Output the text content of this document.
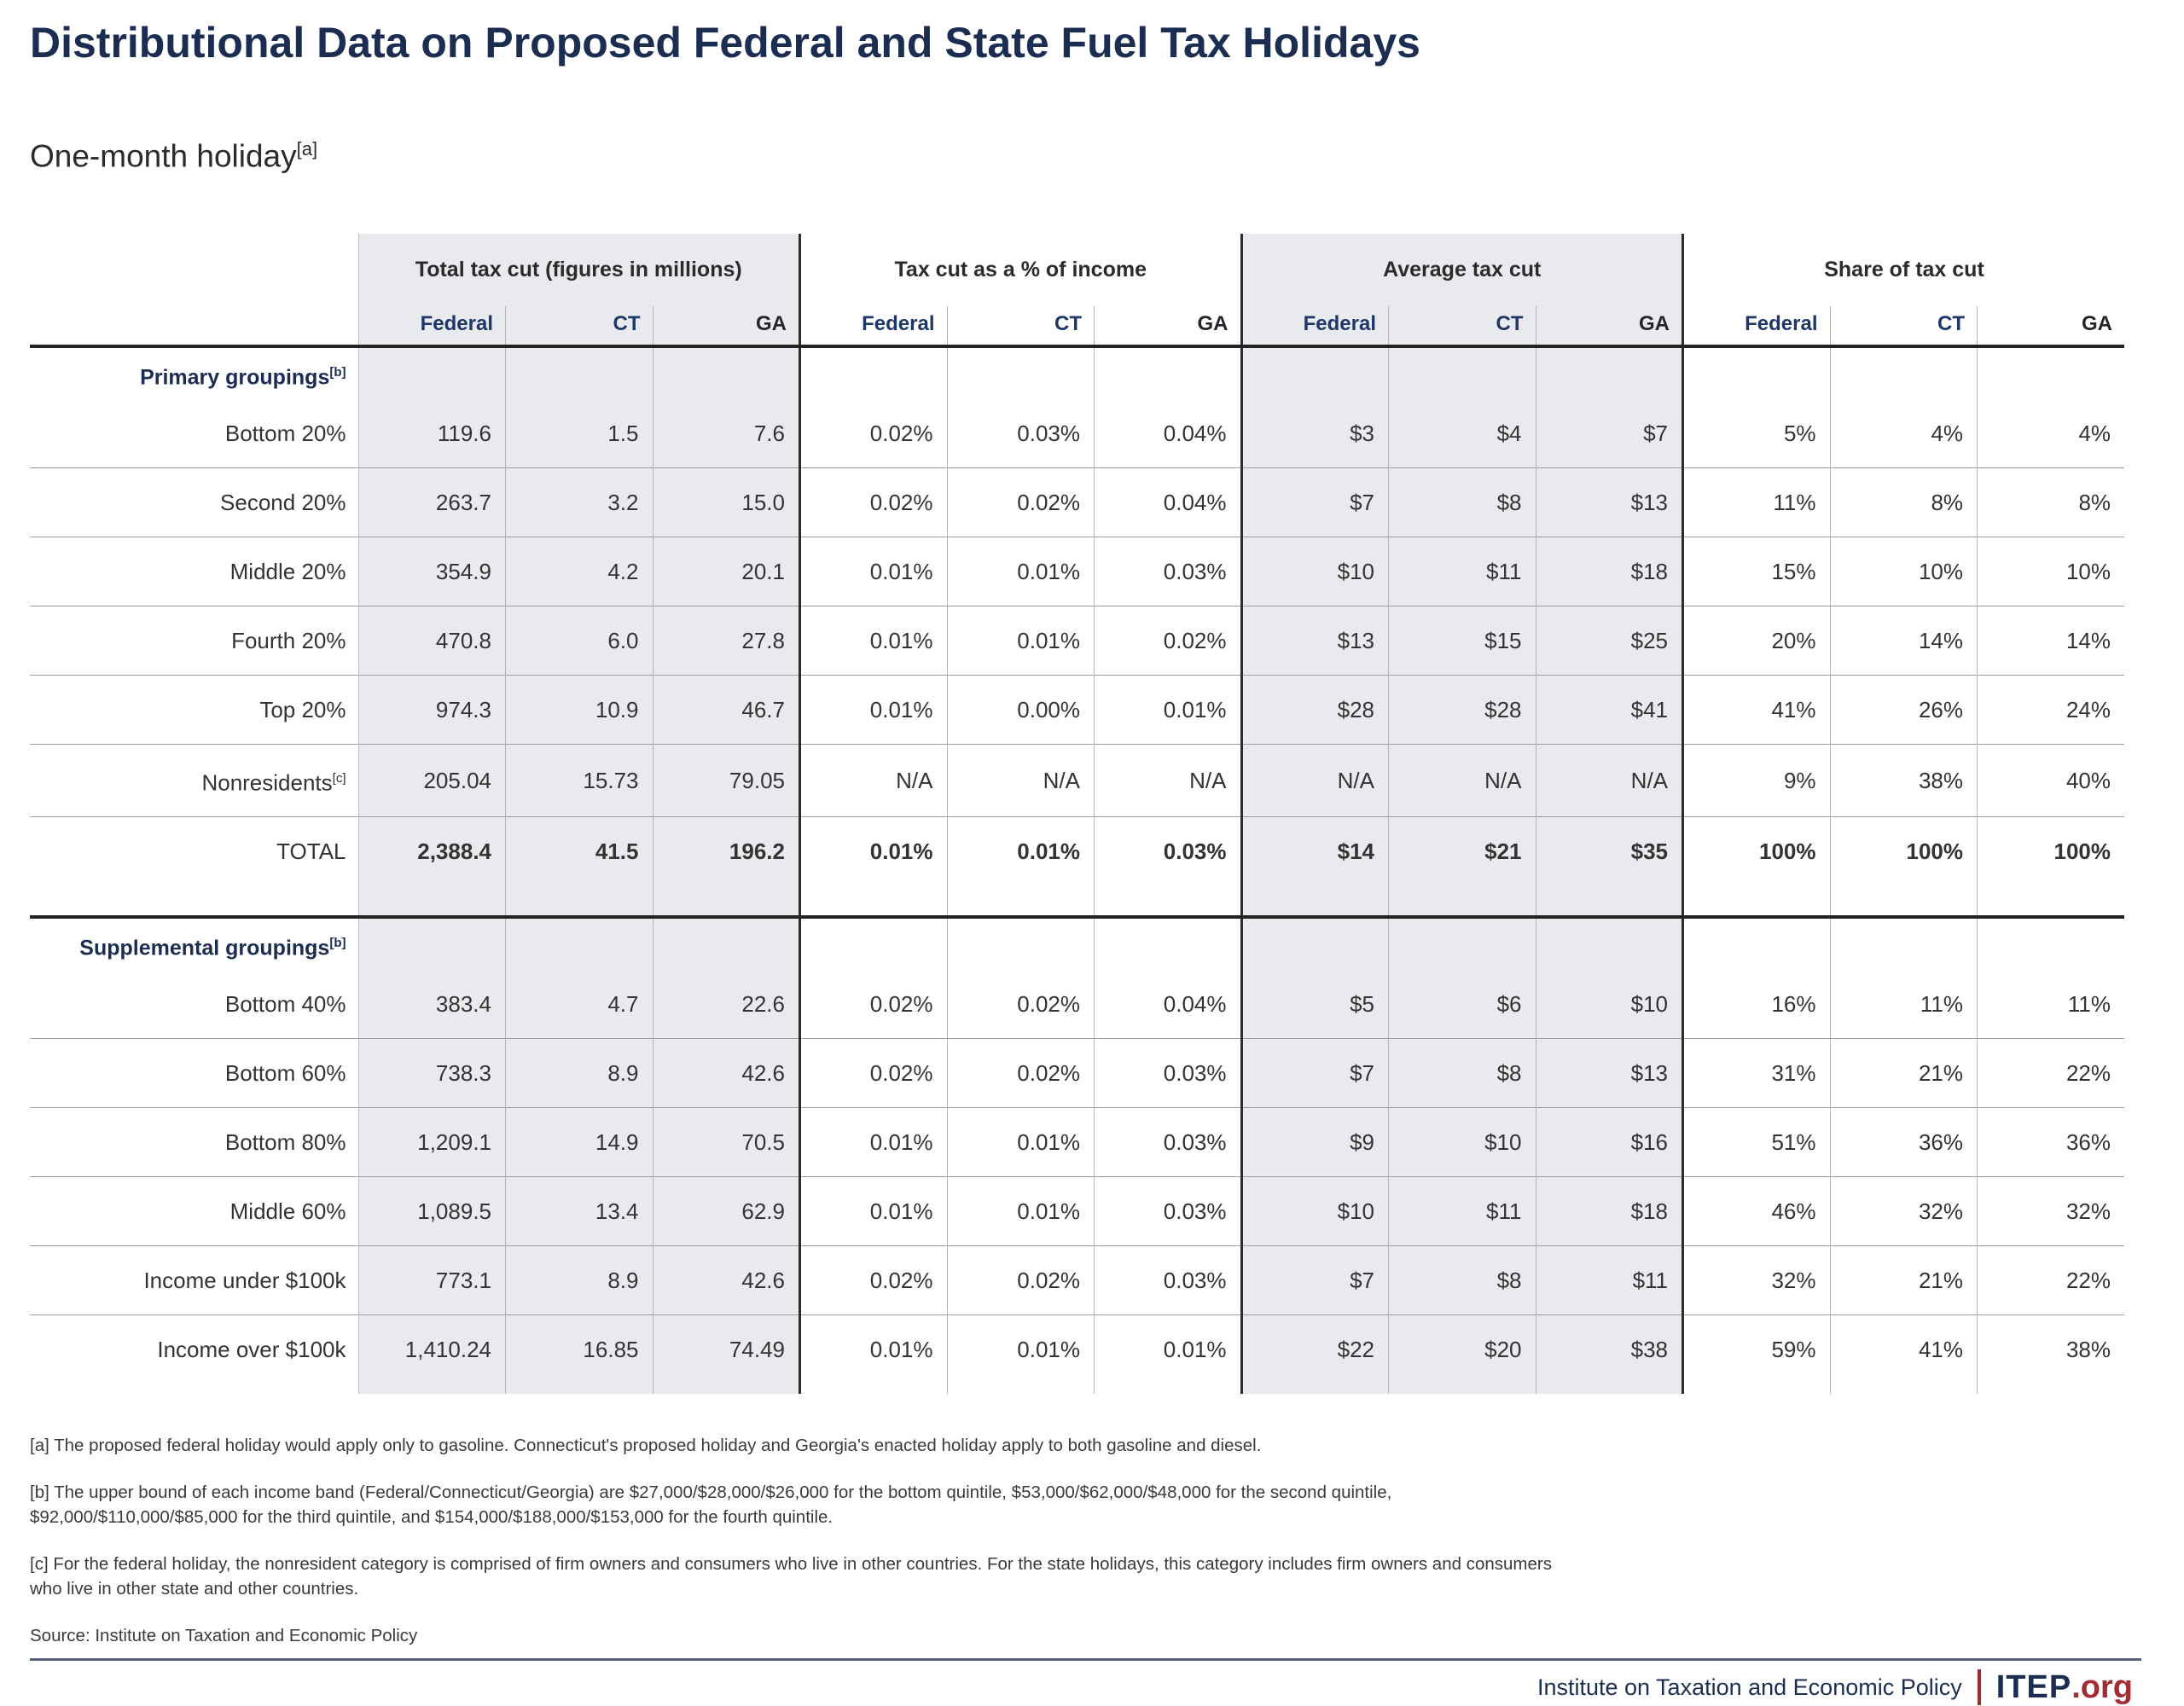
Distributional Data on Proposed Federal and State Fuel Tax Holidays
One-month holiday[a]
	Total tax cut (figures in millions)			Tax cut as a % of income			Average tax cut			Share of tax cut		
	Federal	CT	GA	Federal	CT	GA	Federal	CT	GA	Federal	CT	GA
Primary groupings[b]												
Bottom 20%	119.6	1.5	7.6	0.02%	0.03%	0.04%	$3	$4	$7	5%	4%	4%
Second 20%	263.7	3.2	15.0	0.02%	0.02%	0.04%	$7	$8	$13	11%	8%	8%
Middle 20%	354.9	4.2	20.1	0.01%	0.01%	0.03%	$10	$11	$18	15%	10%	10%
Fourth 20%	470.8	6.0	27.8	0.01%	0.01%	0.02%	$13	$15	$25	20%	14%	14%
Top 20%	974.3	10.9	46.7	0.01%	0.00%	0.01%	$28	$28	$41	41%	26%	24%
Nonresidents[c]	205.04	15.73	79.05	N/A	N/A	N/A	N/A	N/A	N/A	9%	38%	40%
TOTAL	2,388.4	41.5	196.2	0.01%	0.01%	0.03%	$14	$21	$35	100%	100%	100%
Supplemental groupings[b]												
Bottom 40%	383.4	4.7	22.6	0.02%	0.02%	0.04%	$5	$6	$10	16%	11%	11%
Bottom 60%	738.3	8.9	42.6	0.02%	0.02%	0.03%	$7	$8	$13	31%	21%	22%
Bottom 80%	1,209.1	14.9	70.5	0.01%	0.01%	0.03%	$9	$10	$16	51%	36%	36%
Middle 60%	1,089.5	13.4	62.9	0.01%	0.01%	0.03%	$10	$11	$18	46%	32%	32%
Income under $100k	773.1	8.9	42.6	0.02%	0.02%	0.03%	$7	$8	$11	32%	21%	22%
Income over $100k	1,410.24	16.85	74.49	0.01%	0.01%	0.01%	$22	$20	$38	59%	41%	38%

[a] The proposed federal holiday would apply only to gasoline. Connecticut's proposed holiday and Georgia's enacted holiday apply to both gasoline and diesel.

[b] The upper bound of each income band (Federal/Connecticut/Georgia) are $27,000/$28,000/$26,000 for the bottom quintile, $53,000/$62,000/$48,000 for the second quintile, $92,000/$110,000/$85,000 for the third quintile, and $154,000/$188,000/$153,000 for the fourth quintile.

[c] For the federal holiday, the nonresident category is comprised of firm owners and consumers who live in other countries. For the state holidays, this category includes firm owners and consumers who live in other state and other countries.

Source: Institute on Taxation and Economic Policy

Institute on Taxation and Economic Policy ITEP.org
